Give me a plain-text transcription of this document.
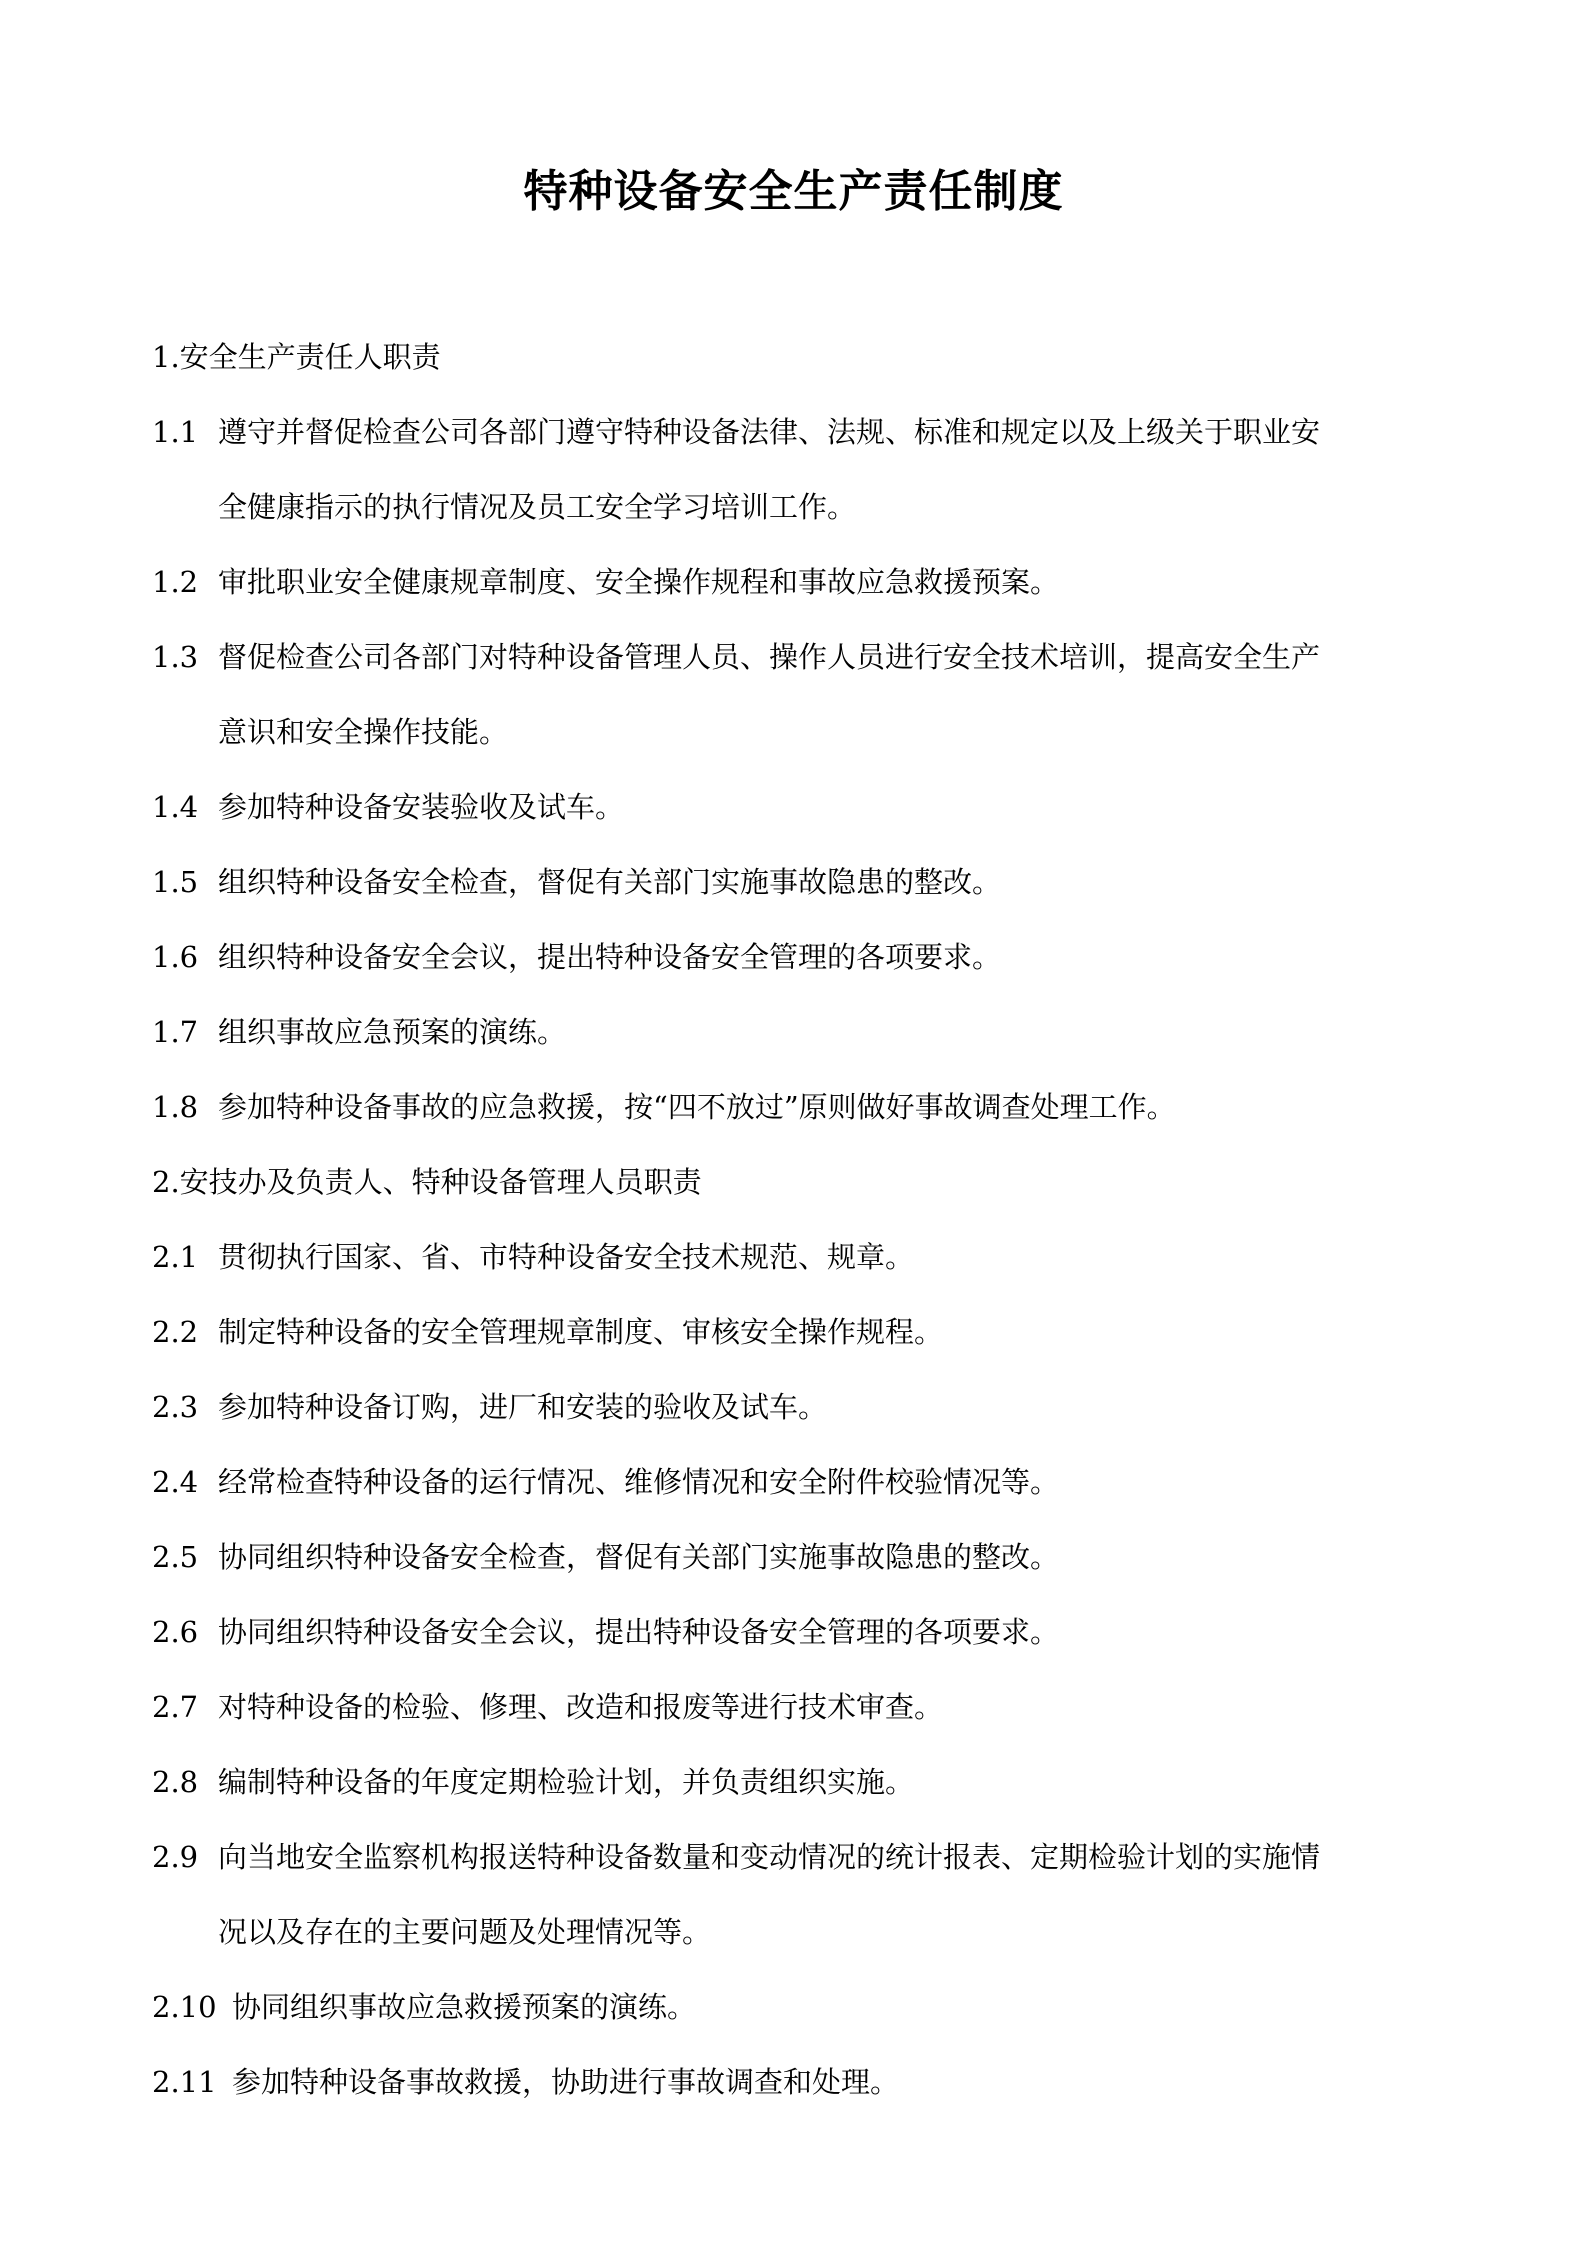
特种设备安全生产责任制度
1.安全生产责任人职责
1.1 遵守并督促检查公司各部门遵守特种设备法律、法规、标准和规定以及上级关于职业安
全健康指示的执行情况及员工安全学习培训工作。
1.2 审批职业安全健康规章制度、安全操作规程和事故应急救援预案。
1.3 督促检查公司各部门对特种设备管理人员、操作人员进行安全技术培训，提高安全生产
意识和安全操作技能。
1.4 参加特种设备安装验收及试车。
1.5 组织特种设备安全检查，督促有关部门实施事故隐患的整改。
1.6 组织特种设备安全会议，提出特种设备安全管理的各项要求。
1.7 组织事故应急预案的演练。
1.8 参加特种设备事故的应急救援，按“四不放过”原则做好事故调查处理工作。
2.安技办及负责人、特种设备管理人员职责
2.1 贯彻执行国家、省、市特种设备安全技术规范、规章。
2.2 制定特种设备的安全管理规章制度、审核安全操作规程。
2.3 参加特种设备订购，进厂和安装的验收及试车。
2.4 经常检查特种设备的运行情况、维修情况和安全附件校验情况等。
2.5 协同组织特种设备安全检查，督促有关部门实施事故隐患的整改。
2.6 协同组织特种设备安全会议，提出特种设备安全管理的各项要求。
2.7 对特种设备的检验、修理、改造和报废等进行技术审查。
2.8 编制特种设备的年度定期检验计划，并负责组织实施。
2.9 向当地安全监察机构报送特种设备数量和变动情况的统计报表、定期检验计划的实施情
况以及存在的主要问题及处理情况等。
2.10 协同组织事故应急救援预案的演练。
2.11 参加特种设备事故救援，协助进行事故调查和处理。
